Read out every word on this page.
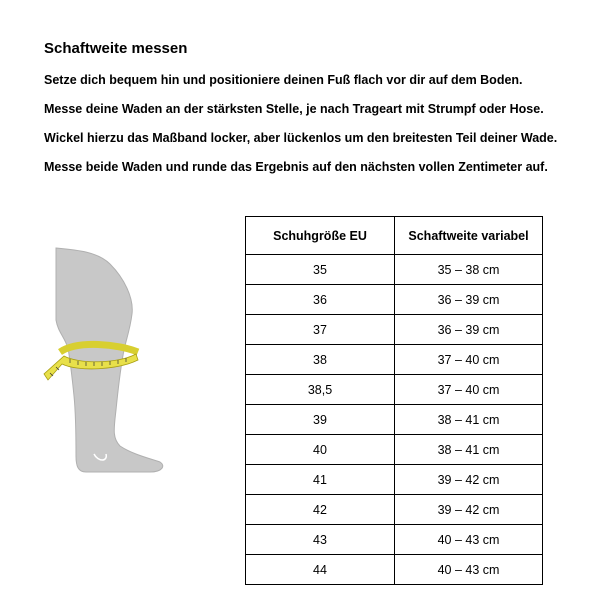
Schaftweite messen
Setze dich bequem hin und positioniere deinen Fuß flach vor dir auf dem Boden.
Messe deine Waden an der stärksten Stelle, je nach Trageart mit Strumpf oder Hose.
Wickel hierzu das Maßband locker, aber lückenlos um den breitesten Teil deiner Wade.
Messe beide Waden und runde das Ergebnis auf den nächsten vollen Zentimeter auf.
Schuhgröße EU	Schaftweite variabel
35	35 – 38 cm
36	36 – 39 cm
37	36 – 39 cm
38	37 – 40 cm
38,5	37 – 40 cm
39	38 – 41 cm
40	38 – 41 cm
41	39 – 42 cm
42	39 – 42 cm
43	40 – 43 cm
44	40 – 43 cm
